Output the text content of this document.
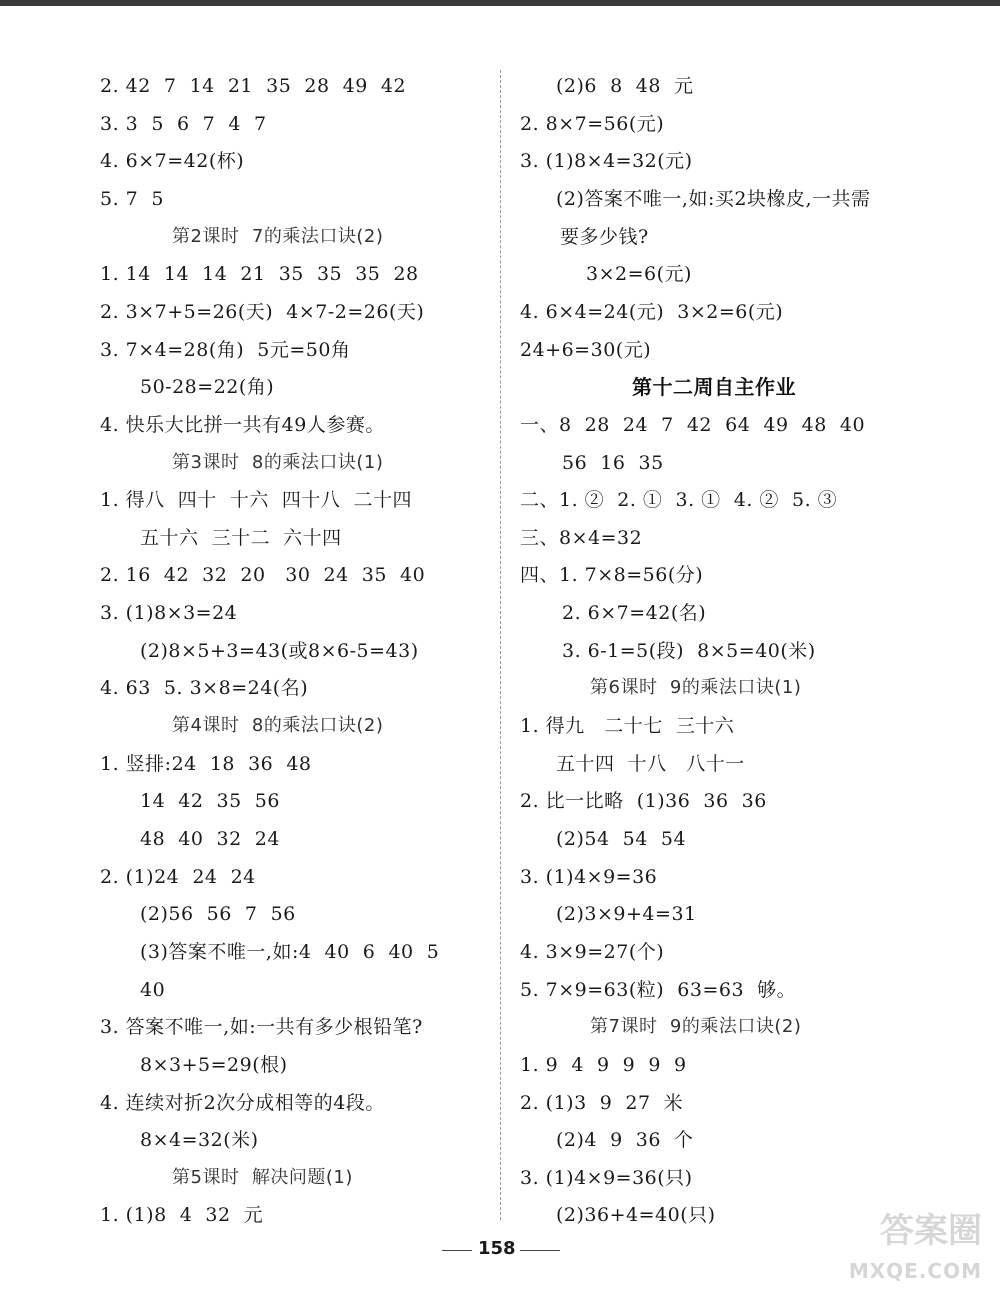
2. 42  7  14  21  35  28  49  42
3. 3  5  6  7  4  7
4. 6×7=42(杯)
5. 7  5
第2课时  7的乘法口诀(2)
1. 14  14  14  21  35  35  35  28
2. 3×7+5=26(天)  4×7-2=26(天)
3. 7×4=28(角)  5元=50角
50-28=22(角)
4. 快乐大比拼一共有49人参赛。
第3课时  8的乘法口诀(1)
1. 得八  四十  十六  四十八  二十四
五十六  三十二  六十四
2. 16  42  32  20   30  24  35  40
3. (1)8×3=24
(2)8×5+3=43(或8×6-5=43)
4. 63  5. 3×8=24(名)
第4课时  8的乘法口诀(2)
1. 竖排:24  18  36  48
14  42  35  56
48  40  32  24
2. (1)24  24  24
(2)56  56  7  56
(3)答案不唯一,如:4  40  6  40  5
40
3. 答案不唯一,如:一共有多少根铅笔?
8×3+5=29(根)
4. 连续对折2次分成相等的4段。
8×4=32(米)
第5课时  解决问题(1)
1. (1)8  4  32  元
(2)6  8  48  元
2. 8×7=56(元)
3. (1)8×4=32(元)
(2)答案不唯一,如:买2块橡皮,一共需
要多少钱?
3×2=6(元)
4. 6×4=24(元)  3×2=6(元)
24+6=30(元)
第十二周自主作业
一、8  28  24  7  42  64  49  48  40
56  16  35
二、1. ②  2. ①  3. ①  4. ②  5. ③
三、8×4=32
四、1. 7×8=56(分)
2. 6×7=42(名)
3. 6-1=5(段)  8×5=40(米)
第6课时  9的乘法口诀(1)
1. 得九   二十七  三十六
五十四  十八   八十一
2. 比一比略  (1)36  36  36
(2)54  54  54
3. (1)4×9=36
(2)3×9+4=31
4. 3×9=27(个)
5. 7×9=63(粒)  63=63  够。
第7课时  9的乘法口诀(2)
1. 9  4  9  9  9  9
2. (1)3  9  27  米
(2)4  9  36  个
3. (1)4×9=36(只)
(2)36+4=40(只)
158	答案圈
MXQE.COM
